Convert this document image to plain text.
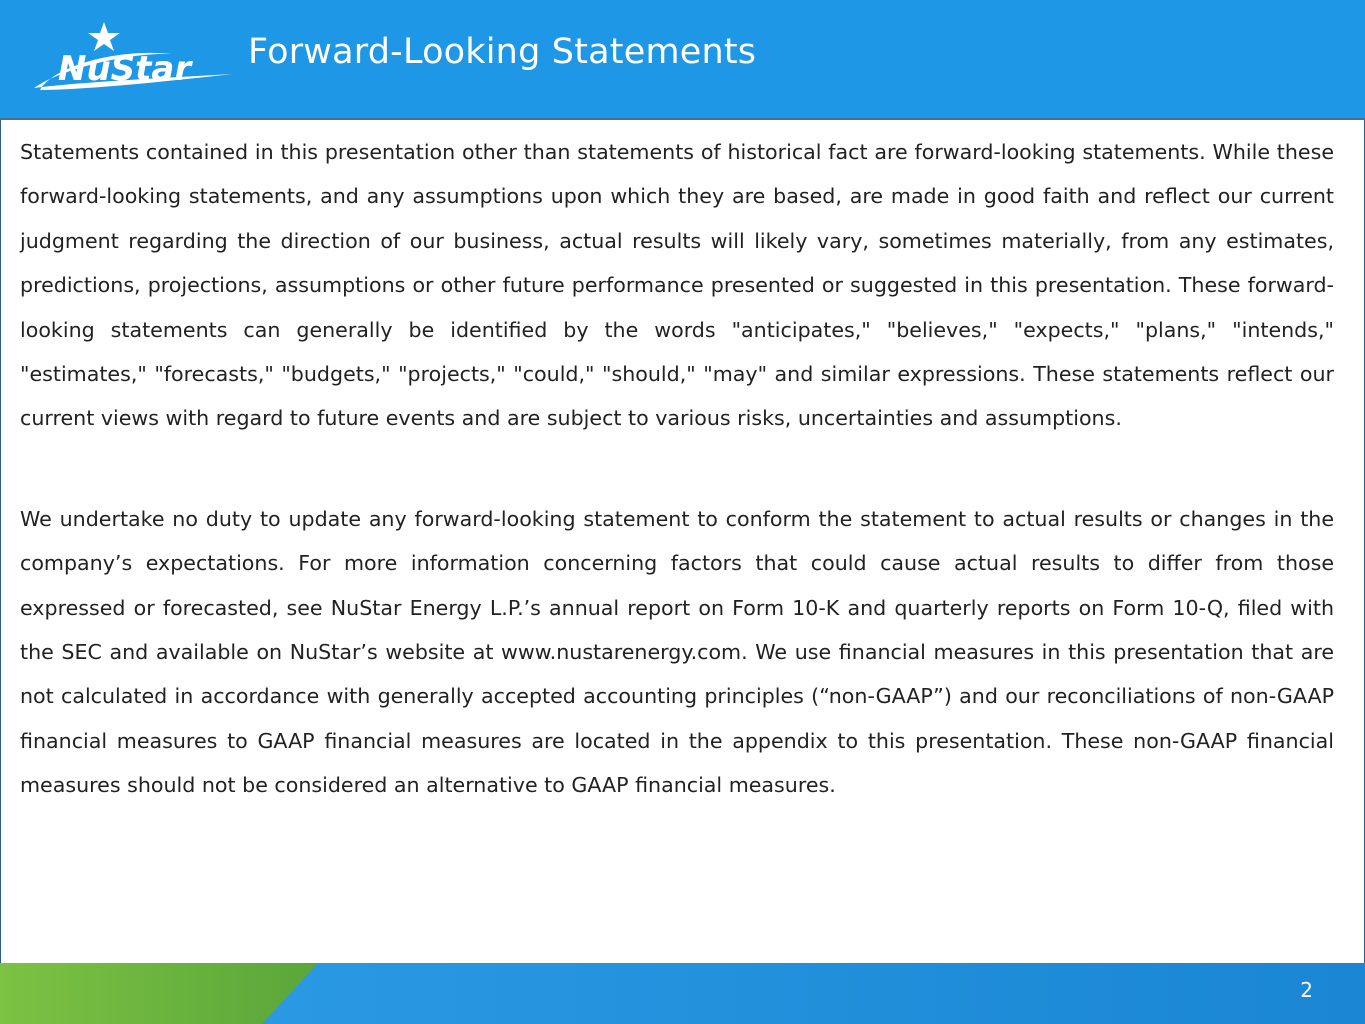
NuStar Forward-Looking Statements

Statements contained in this presentation other than statements of historical fact are forward-looking statements. While these forward-looking statements, and any assumptions upon which they are based, are made in good faith and reflect our current judgment regarding the direction of our business, actual results will likely vary, sometimes materially, from any estimates, predictions, projections, assumptions or other future performance presented or suggested in this presentation. These forward-looking statements can generally be identified by the words "anticipates," "believes," "expects," "plans," "intends," "estimates," "forecasts," "budgets," "projects," "could," "should," "may" and similar expressions. These statements reflect our current views with regard to future events and are subject to various risks, uncertainties and assumptions.

We undertake no duty to update any forward-looking statement to conform the statement to actual results or changes in the company’s expectations. For more information concerning factors that could cause actual results to differ from those expressed or forecasted, see NuStar Energy L.P.’s annual report on Form 10-K and quarterly reports on Form 10-Q, filed with the SEC and available on NuStar’s website at www.nustarenergy.com. We use financial measures in this presentation that are not calculated in accordance with generally accepted accounting principles (“non-GAAP”) and our reconciliations of non-GAAP financial measures to GAAP financial measures are located in the appendix to this presentation. These non-GAAP financial measures should not be considered an alternative to GAAP financial measures.

2
